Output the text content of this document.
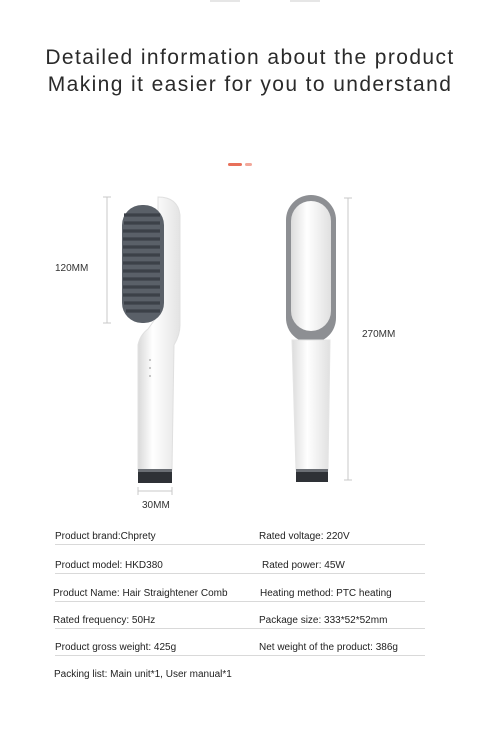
Detailed information about the product
Making it easier for you to understand
120MM
30MM
270MM
Product brand:Chprety	Rated voltage: 220V
Product model: HKD380	Rated power: 45W
Product Name: Hair Straightener Comb	Heating method: PTC heating
Rated frequency: 50Hz	Package size: 333*52*52mm
Product gross weight: 425g	Net weight of the product: 386g
Packing list: Main unit*1, User manual*1
